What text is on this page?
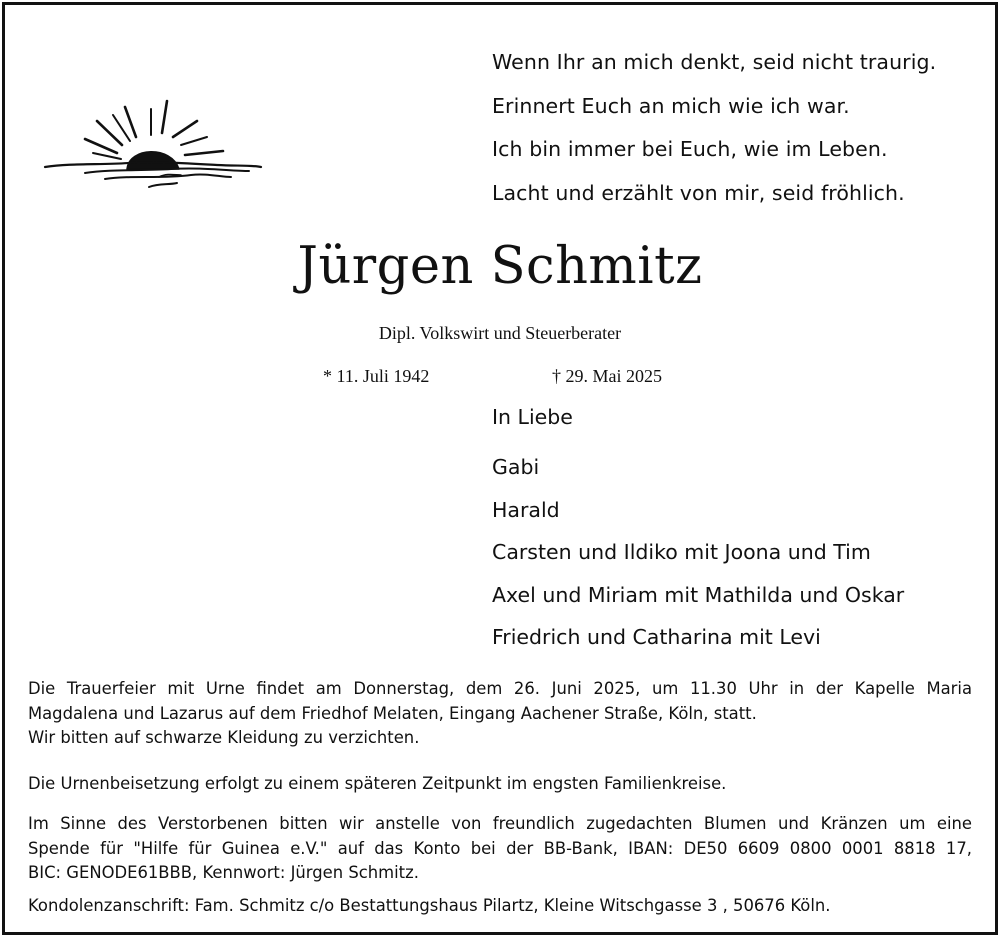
Wenn Ihr an mich denkt, seid nicht traurig.
Erinnert Euch an mich wie ich war.
Ich bin immer bei Euch, wie im Leben.
Lacht und erzählt von mir, seid fröhlich.
Jürgen Schmitz
Dipl. Volkswirt und Steuerberater
* 11. Juli 1942	† 29. Mai 2025
In Liebe
Gabi
Harald
Carsten und Ildiko mit Joona und Tim
Axel und Miriam mit Mathilda und Oskar
Friedrich und Catharina mit Levi
Die Trauerfeier mit Urne findet am Donnerstag, dem 26. Juni 2025, um 11.30 Uhr in der Kapelle Maria
Magdalena und Lazarus auf dem Friedhof Melaten, Eingang Aachener Straße, Köln, statt.
Wir bitten auf schwarze Kleidung zu verzichten.
Die Urnenbeisetzung erfolgt zu einem späteren Zeitpunkt im engsten Familienkreise.
Im Sinne des Verstorbenen bitten wir anstelle von freundlich zugedachten Blumen und Kränzen um eine
Spende für "Hilfe für Guinea e.V." auf das Konto bei der BB-Bank, IBAN: DE50 6609 0800 0001 8818 17,
BIC: GENODE61BBB, Kennwort: Jürgen Schmitz.
Kondolenzanschrift: Fam. Schmitz c/o Bestattungshaus Pilartz, Kleine Witschgasse 3 , 50676 Köln.
